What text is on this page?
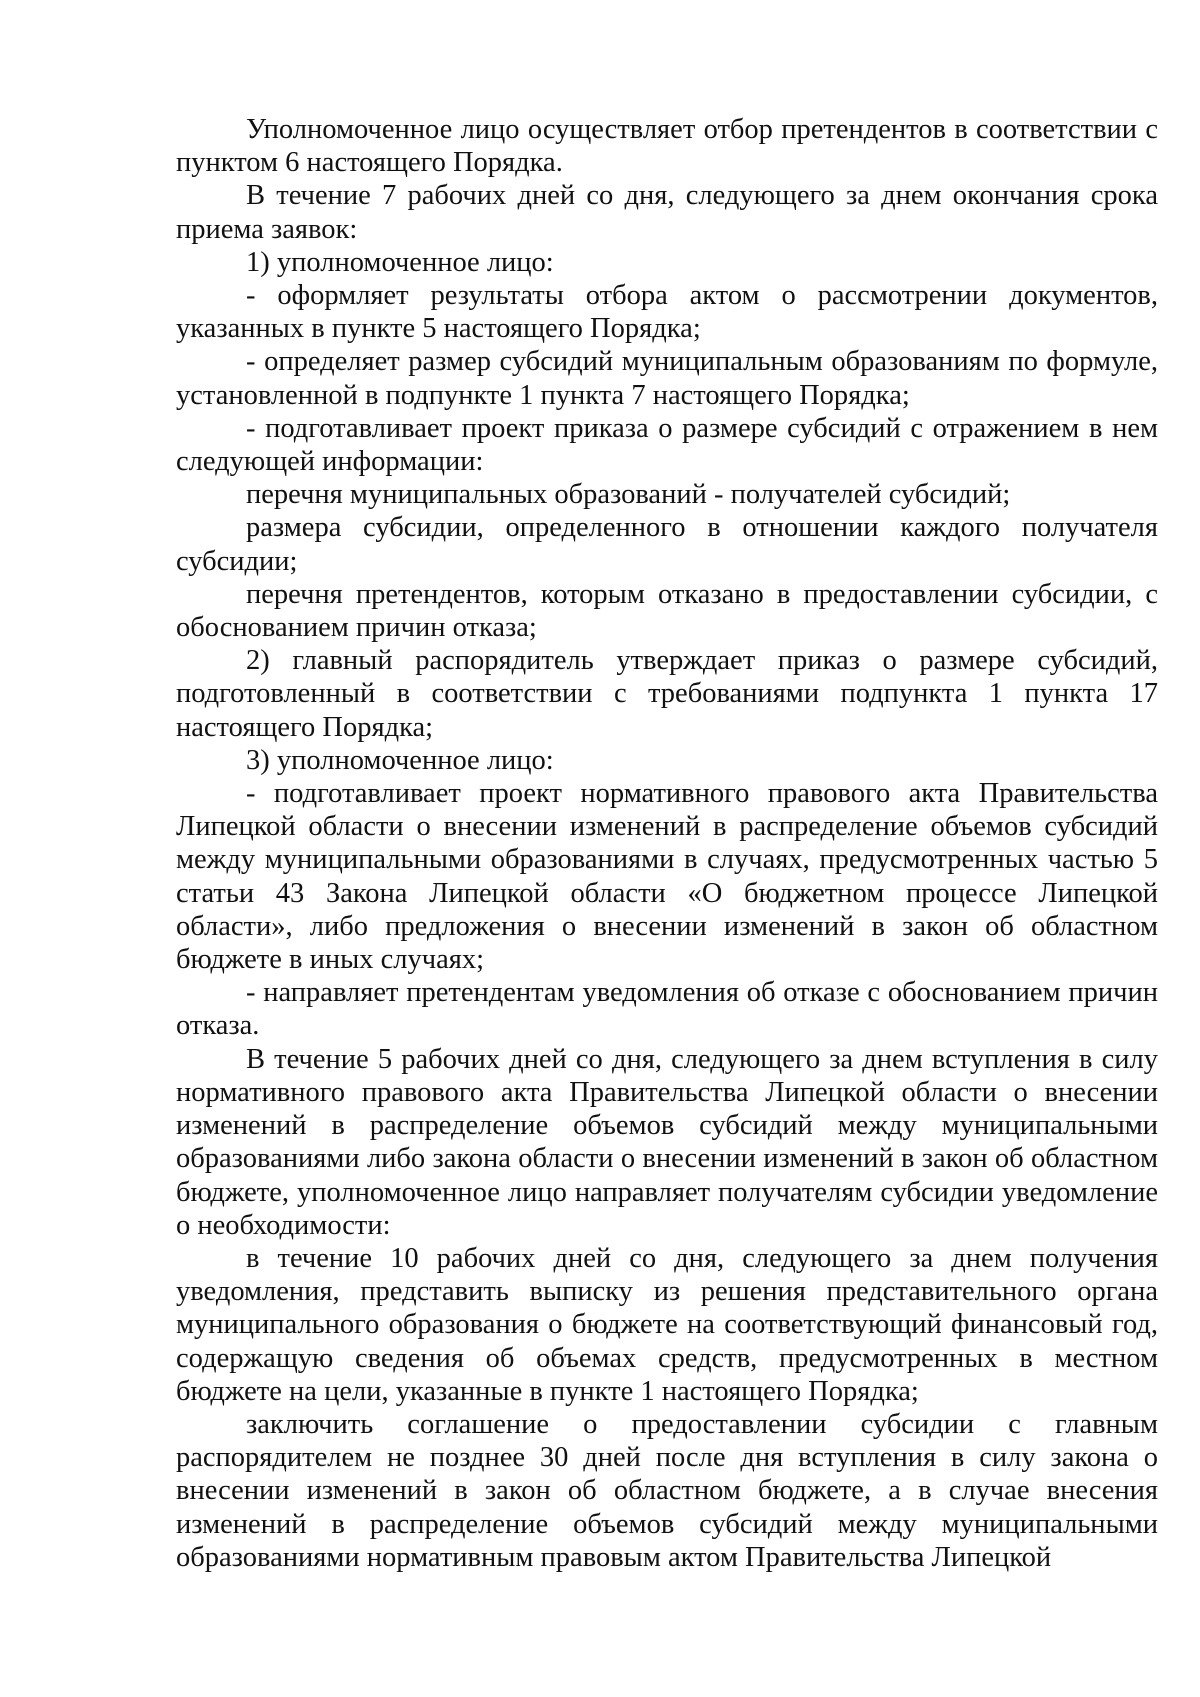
Уполномоченное лицо осуществляет отбор претендентов в соответствии с пунктом 6 настоящего Порядка.

В течение 7 рабочих дней со дня, следующего за днем окончания срока приема заявок:

1) уполномоченное лицо:

- оформляет результаты отбора актом о рассмотрении документов, указанных в пункте 5 настоящего Порядка;

- определяет размер субсидий муниципальным образованиям по формуле, установленной в подпункте 1 пункта 7 настоящего Порядка;

- подготавливает проект приказа о размере субсидий с отражением в нем следующей информации:

перечня муниципальных образований - получателей субсидий;

размера субсидии, определенного в отношении каждого получателя субсидии;

перечня претендентов, которым отказано в предоставлении субсидии, с обоснованием причин отказа;

2) главный распорядитель утверждает приказ о размере субсидий, подготовленный в соответствии с требованиями подпункта 1 пункта 17 настоящего Порядка;

3) уполномоченное лицо:

- подготавливает проект нормативного правового акта Правительства Липецкой области о внесении изменений в распределение объемов субсидий между муниципальными образованиями в случаях, предусмотренных частью 5 статьи 43 Закона Липецкой области «О бюджетном процессе Липецкой области», либо предложения о внесении изменений в закон об областном бюджете в иных случаях;

- направляет претендентам уведомления об отказе с обоснованием причин отказа.

В течение 5 рабочих дней со дня, следующего за днем вступления в силу нормативного правового акта Правительства Липецкой области о внесении изменений в распределение объемов субсидий между муниципальными образованиями либо закона области о внесении изменений в закон об областном бюджете, уполномоченное лицо направляет получателям субсидии уведомление о необходимости:

в течение 10 рабочих дней со дня, следующего за днем получения уведомления, представить выписку из решения представительного органа муниципального образования о бюджете на соответствующий финансовый год, содержащую сведения об объемах средств, предусмотренных в местном бюджете на цели, указанные в пункте 1 настоящего Порядка;

заключить соглашение о предоставлении субсидии с главным распорядителем не позднее 30 дней после дня вступления в силу закона о внесении изменений в закон об областном бюджете, а в случае внесения изменений в распределение объемов субсидий между муниципальными образованиями нормативным правовым актом Правительства Липецкой
